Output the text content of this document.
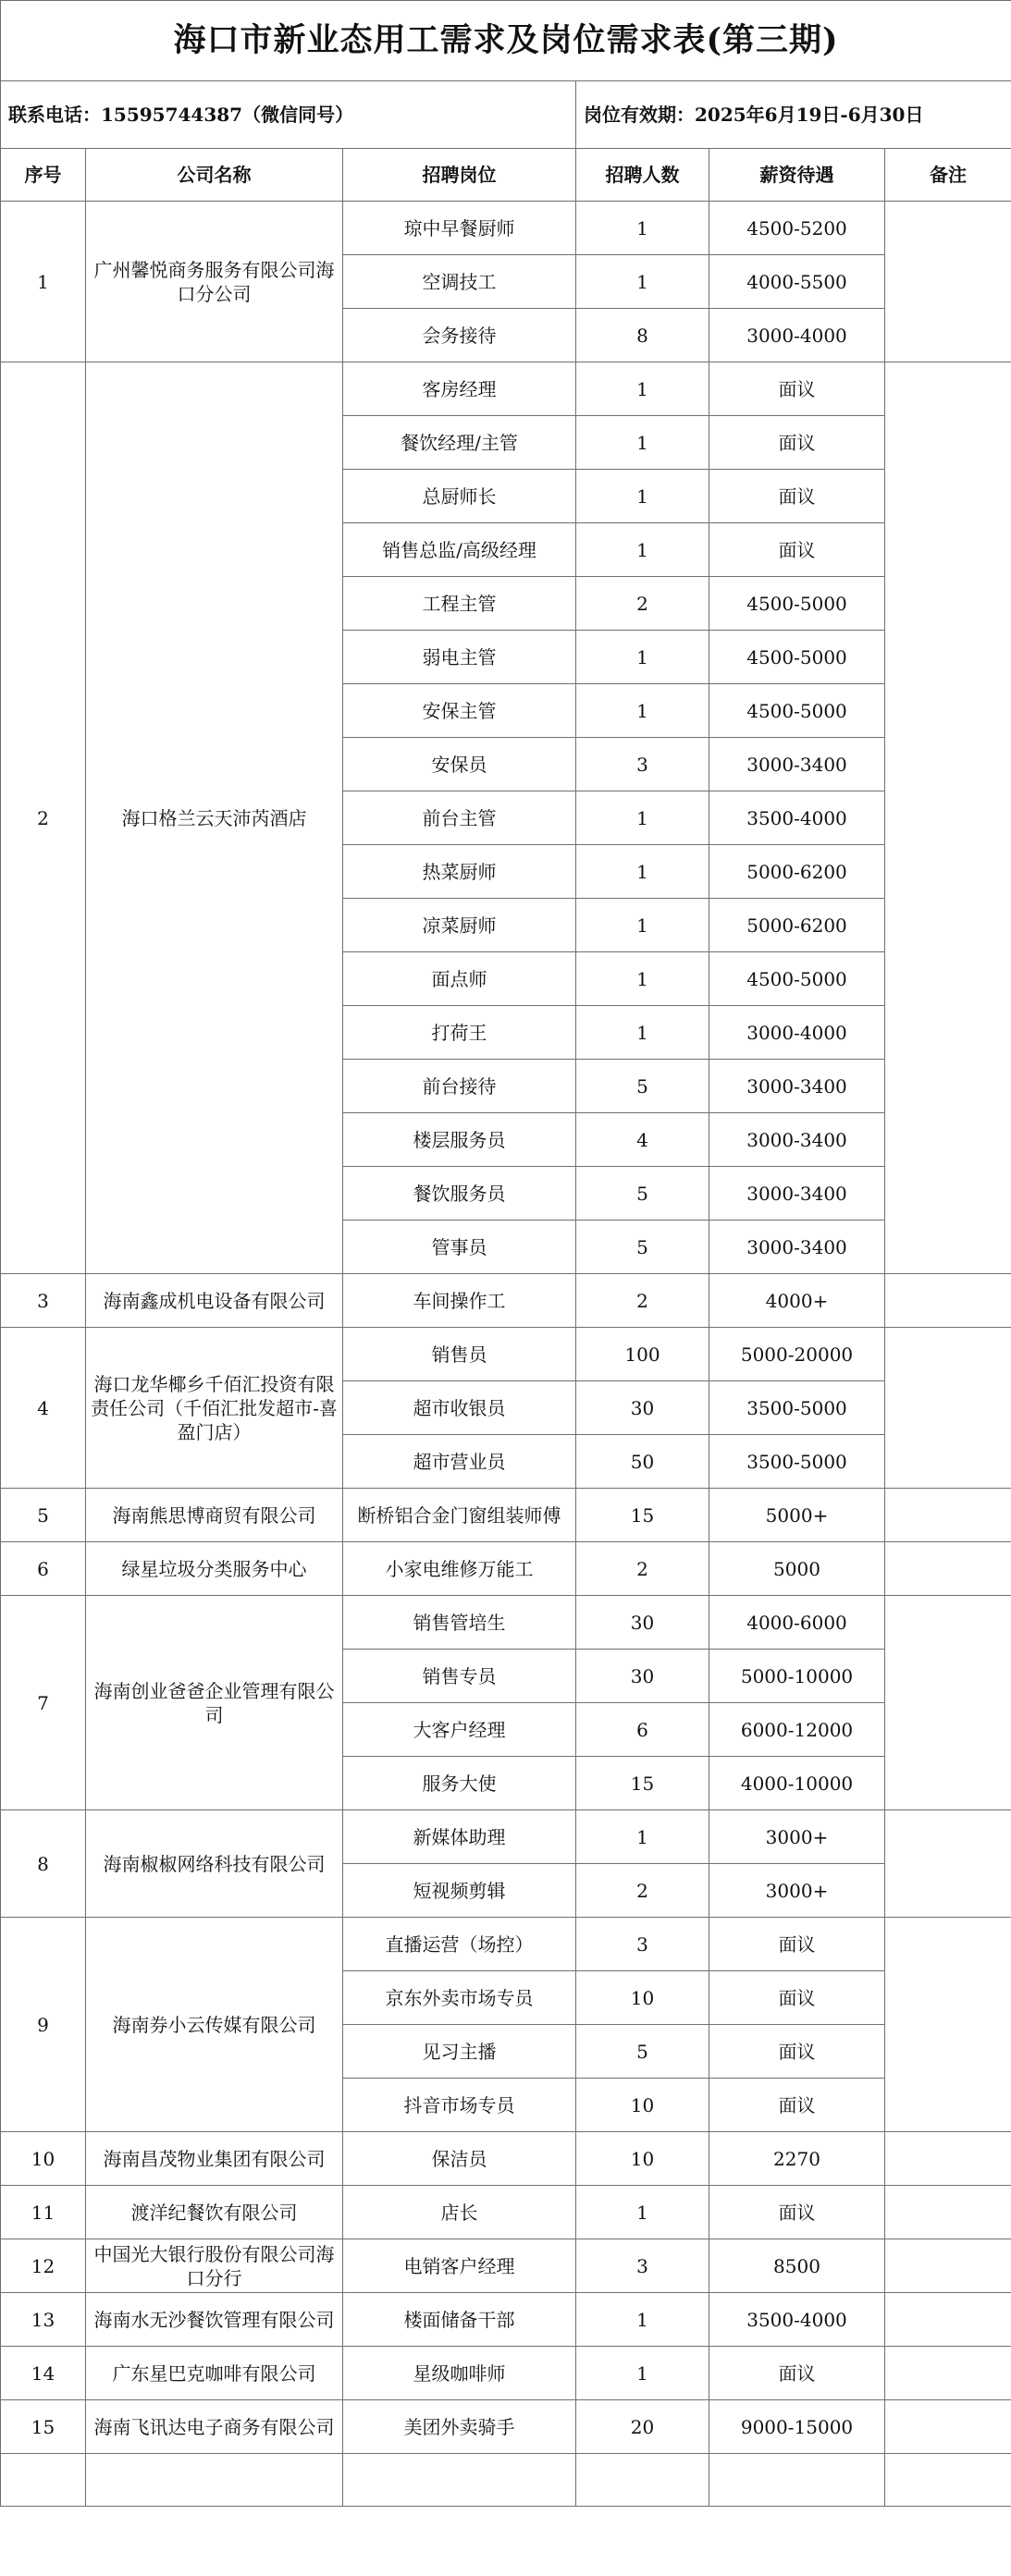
海口市新业态用工需求及岗位需求表(第三期)					
联系电话：15595744387（微信同号）			岗位有效期：2025年6月19日-6月30日		
序号	公司名称	招聘岗位	招聘人数	薪资待遇	备注
1	广州馨悦商务服务有限公司海口分公司	琼中早餐厨师	1	4500-5200	
		空调技工	1	4000-5500	
		会务接待	8	3000-4000	
2	海口格兰云天沛芮酒店	客房经理	1	面议	
		餐饮经理/主管	1	面议	
		总厨师长	1	面议	
		销售总监/高级经理	1	面议	
		工程主管	2	4500-5000	
		弱电主管	1	4500-5000	
		安保主管	1	4500-5000	
		安保员	3	3000-3400	
		前台主管	1	3500-4000	
		热菜厨师	1	5000-6200	
		凉菜厨师	1	5000-6200	
		面点师	1	4500-5000	
		打荷王	1	3000-4000	
		前台接待	5	3000-3400	
		楼层服务员	4	3000-3400	
		餐饮服务员	5	3000-3400	
		管事员	5	3000-3400	
3	海南鑫成机电设备有限公司	车间操作工	2	4000+	
4	海口龙华椰乡千佰汇投资有限责任公司（千佰汇批发超市-喜盈门店）	销售员	100	5000-20000	
		超市收银员	30	3500-5000	
		超市营业员	50	3500-5000	
5	海南熊思博商贸有限公司	断桥铝合金门窗组装师傅	15	5000+	
6	绿星垃圾分类服务中心	小家电维修万能工	2	5000	
7	海南创业爸爸企业管理有限公司	销售管培生	30	4000-6000	
		销售专员	30	5000-10000	
		大客户经理	6	6000-12000	
		服务大使	15	4000-10000	
8	海南椒椒网络科技有限公司	新媒体助理	1	3000+	
		短视频剪辑	2	3000+	
9	海南券小云传媒有限公司	直播运营（场控）	3	面议	
		京东外卖市场专员	10	面议	
		见习主播	5	面议	
		抖音市场专员	10	面议	
10	海南昌茂物业集团有限公司	保洁员	10	2270	
11	渡洋纪餐饮有限公司	店长	1	面议	
12	中国光大银行股份有限公司海口分行	电销客户经理	3	8500	
13	海南水无沙餐饮管理有限公司	楼面储备干部	1	3500-4000	
14	广东星巴克咖啡有限公司	星级咖啡师	1	面议	
15	海南飞讯达电子商务有限公司	美团外卖骑手	20	9000-15000	
